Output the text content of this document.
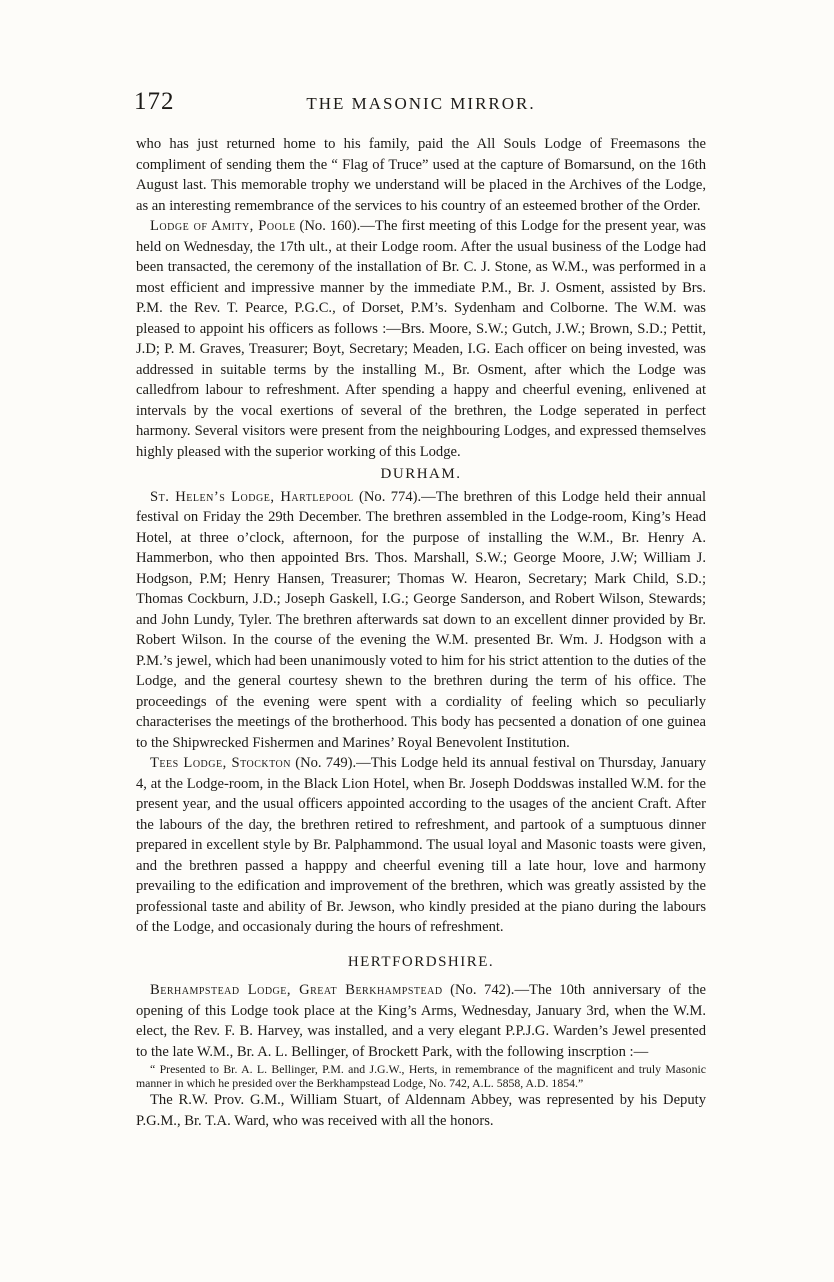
172	THE MASONIC MIRROR.

who has just returned home to his family, paid the All Souls Lodge of Freemasons the compliment of sending them the “ Flag of Truce” used at the capture of Bomarsund, on the 16th August last. This memorable trophy we understand will be placed in the Archives of the Lodge, as an interesting remembrance of the services to his country of an esteemed brother of the Order.

Lodge of Amity, Poole (No. 160).—The first meeting of this Lodge for the present year, was held on Wednesday, the 17th ult., at their Lodge room. After the usual business of the Lodge had been transacted, the ceremony of the installation of Br. C. J. Stone, as W.M., was performed in a most efficient and impressive manner by the immediate P.M., Br. J. Osment, assisted by Brs. P.M. the Rev. T. Pearce, P.G.C., of Dorset, P.M’s. Sydenham and Colborne. The W.M. was pleased to appoint his officers as follows :—Brs. Moore, S.W.; Gutch, J.W.; Brown, S.D.; Pettit, J.D; P. M. Graves, Treasurer; Boyt, Secretary; Meaden, I.G. Each officer on being invested, was addressed in suitable terms by the installing M., Br. Osment, after which the Lodge was calledfrom labour to refreshment. After spending a happy and cheerful evening, enlivened at intervals by the vocal exertions of several of the brethren, the Lodge seperated in perfect harmony. Several visitors were present from the neighbouring Lodges, and expressed themselves highly pleased with the superior working of this Lodge.

DURHAM.

St. Helen’s Lodge, Hartlepool (No. 774).—The brethren of this Lodge held their annual festival on Friday the 29th December. The brethren assembled in the Lodge-room, King’s Head Hotel, at three o’clock, afternoon, for the purpose of installing the W.M., Br. Henry A. Hammerbon, who then appointed Brs. Thos. Marshall, S.W.; George Moore, J.W; William J. Hodgson, P.M; Henry Hansen, Treasurer; Thomas W. Hearon, Secretary; Mark Child, S.D.; Thomas Cockburn, J.D.; Joseph Gaskell, I.G.; George Sanderson, and Robert Wilson, Stewards; and John Lundy, Tyler. The brethren afterwards sat down to an excellent dinner provided by Br. Robert Wilson. In the course of the evening the W.M. presented Br. Wm. J. Hodgson with a P.M.’s jewel, which had been unanimously voted to him for his strict attention to the duties of the Lodge, and the general courtesy shewn to the brethren during the term of his office. The proceedings of the evening were spent with a cordiality of feeling which so peculiarly characterises the meetings of the brotherhood. This body has pecsented a donation of one guinea to the Shipwrecked Fishermen and Marines’ Royal Benevolent Institution.

Tees Lodge, Stockton (No. 749).—This Lodge held its annual festival on Thursday, January 4, at the Lodge-room, in the Black Lion Hotel, when Br. Joseph Doddswas installed W.M. for the present year, and the usual officers appointed according to the usages of the ancient Craft. After the labours of the day, the brethren retired to refreshment, and partook of a sumptuous dinner prepared in excellent style by Br. Palphammond. The usual loyal and Masonic toasts were given, and the brethren passed a happpy and cheerful evening till a late hour, love and harmony prevailing to the edification and improvement of the brethren, which was greatly assisted by the professional taste and ability of Br. Jewson, who kindly presided at the piano during the labours of the Lodge, and occasionaly during the hours of refreshment.

HERTFORDSHIRE.

Berhampstead Lodge, Great Berkhampstead (No. 742).—The 10th anniversary of the opening of this Lodge took place at the King’s Arms, Wednesday, January 3rd, when the W.M. elect, the Rev. F. B. Harvey, was installed, and a very elegant P.P.J.G. Warden’s Jewel presented to the late W.M., Br. A. L. Bellinger, of Brockett Park, with the following inscrption :—

“ Presented to Br. A. L. Bellinger, P.M. and J.G.W., Herts, in remembrance of the magnificent and truly Masonic manner in which he presided over the Berkhampstead Lodge, No. 742, A.L. 5858, A.D. 1854.”

The R.W. Prov. G.M., William Stuart, of Aldennam Abbey, was represented by his Deputy P.G.M., Br. T.A. Ward, who was received with all the honors.
